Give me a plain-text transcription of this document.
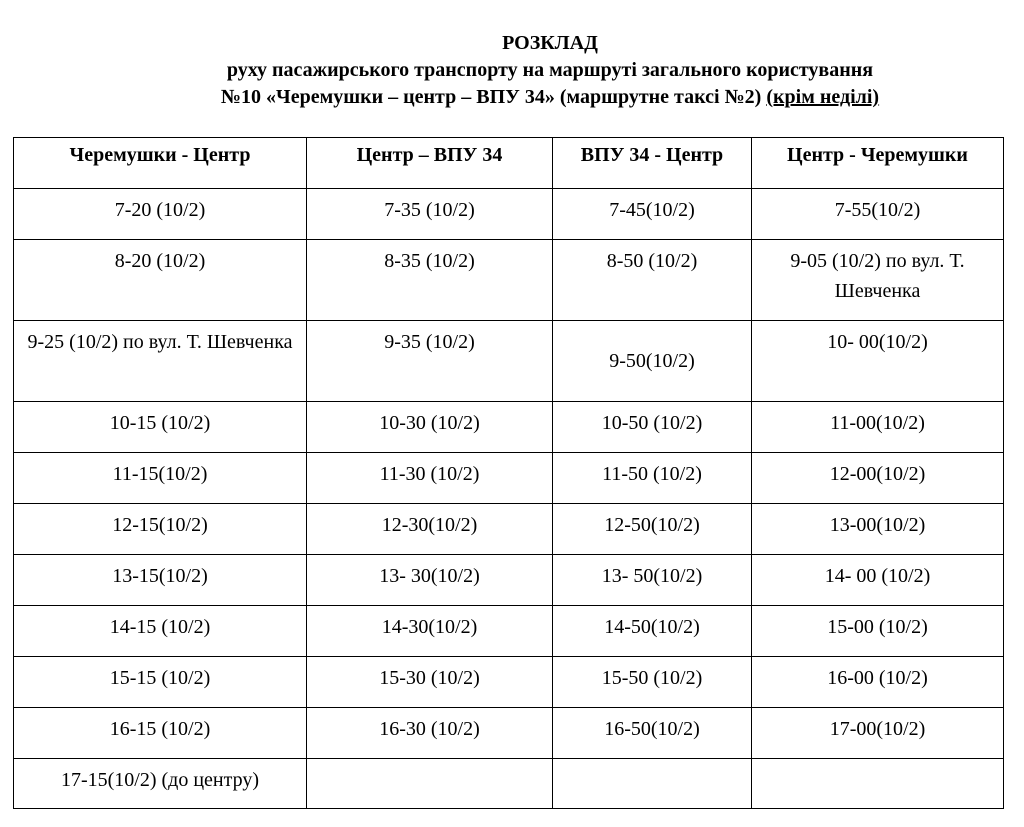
РОЗКЛАД
руху пасажирського транспорту на маршруті загального користування
№10 «Черемушки – центр – ВПУ 34» (маршрутне таксі №2) (крім неділі)
Черемушки - Центр	Центр – ВПУ 34	ВПУ 34 - Центр	Центр - Черемушки
7-20 (10/2)	7-35 (10/2)	7-45(10/2)	7-55(10/2)
8-20 (10/2)	8-35 (10/2)	8-50 (10/2)	9-05 (10/2) по вул. Т. Шевченка
9-25 (10/2) по вул. Т. Шевченка	9-35 (10/2)	9-50(10/2)	10- 00(10/2)
10-15 (10/2)	10-30 (10/2)	10-50 (10/2)	11-00(10/2)
11-15(10/2)	11-30 (10/2)	11-50 (10/2)	12-00(10/2)
12-15(10/2)	12-30(10/2)	12-50(10/2)	13-00(10/2)
13-15(10/2)	13- 30(10/2)	13- 50(10/2)	14- 00 (10/2)
14-15 (10/2)	14-30(10/2)	14-50(10/2)	15-00 (10/2)
15-15 (10/2)	15-30 (10/2)	15-50 (10/2)	16-00 (10/2)
16-15 (10/2)	16-30 (10/2)	16-50(10/2)	17-00(10/2)
17-15(10/2) (до центру)			
